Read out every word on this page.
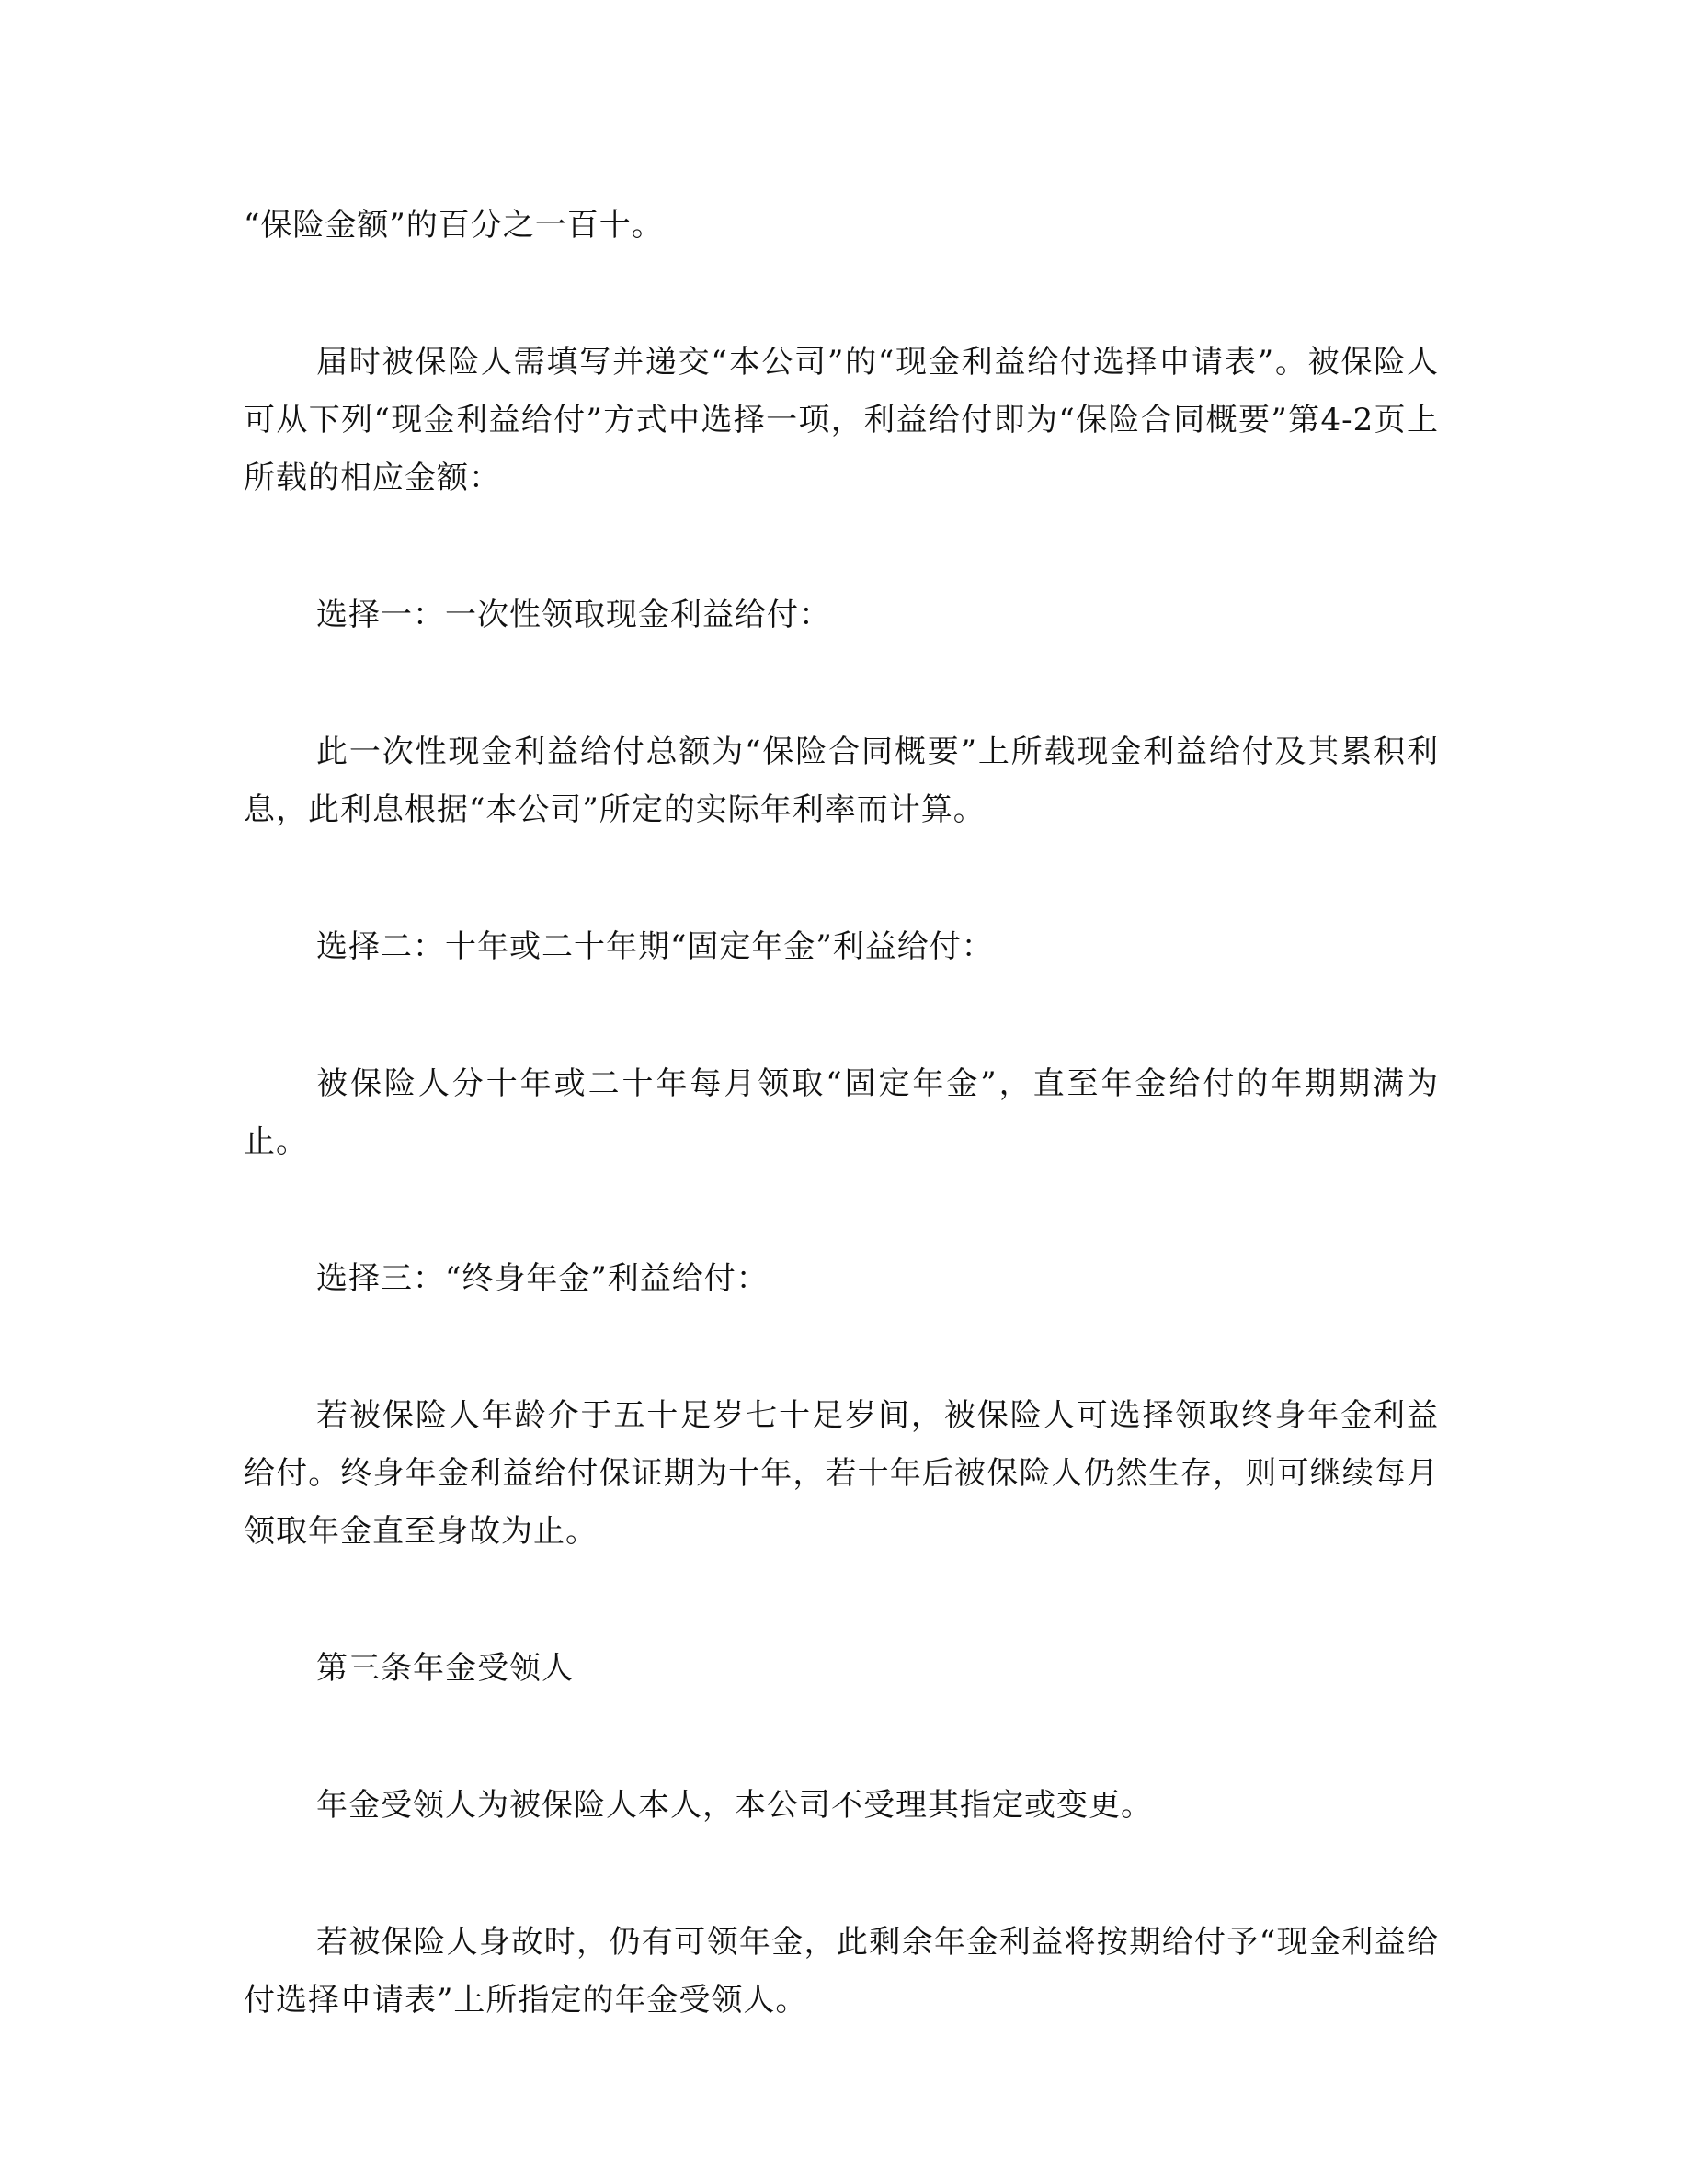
“保险金额”的百分之一百十。

届时被保险人需填写并递交“本公司”的“现金利益给付选择申请表”。被保险人可从下列“现金利益给付”方式中选择一项，利益给付即为“保险合同概要”第4-2页上所载的相应金额：

选择一：一次性领取现金利益给付：

此一次性现金利益给付总额为“保险合同概要”上所载现金利益给付及其累积利息，此利息根据“本公司”所定的实际年利率而计算。

选择二：十年或二十年期“固定年金”利益给付：

被保险人分十年或二十年每月领取“固定年金”，直至年金给付的年期期满为止。

选择三：“终身年金”利益给付：

若被保险人年龄介于五十足岁七十足岁间，被保险人可选择领取终身年金利益给付。终身年金利益给付保证期为十年，若十年后被保险人仍然生存，则可继续每月领取年金直至身故为止。

第三条年金受领人

年金受领人为被保险人本人，本公司不受理其指定或变更。

若被保险人身故时，仍有可领年金，此剩余年金利益将按期给付予“现金利益给付选择申请表”上所指定的年金受领人。
